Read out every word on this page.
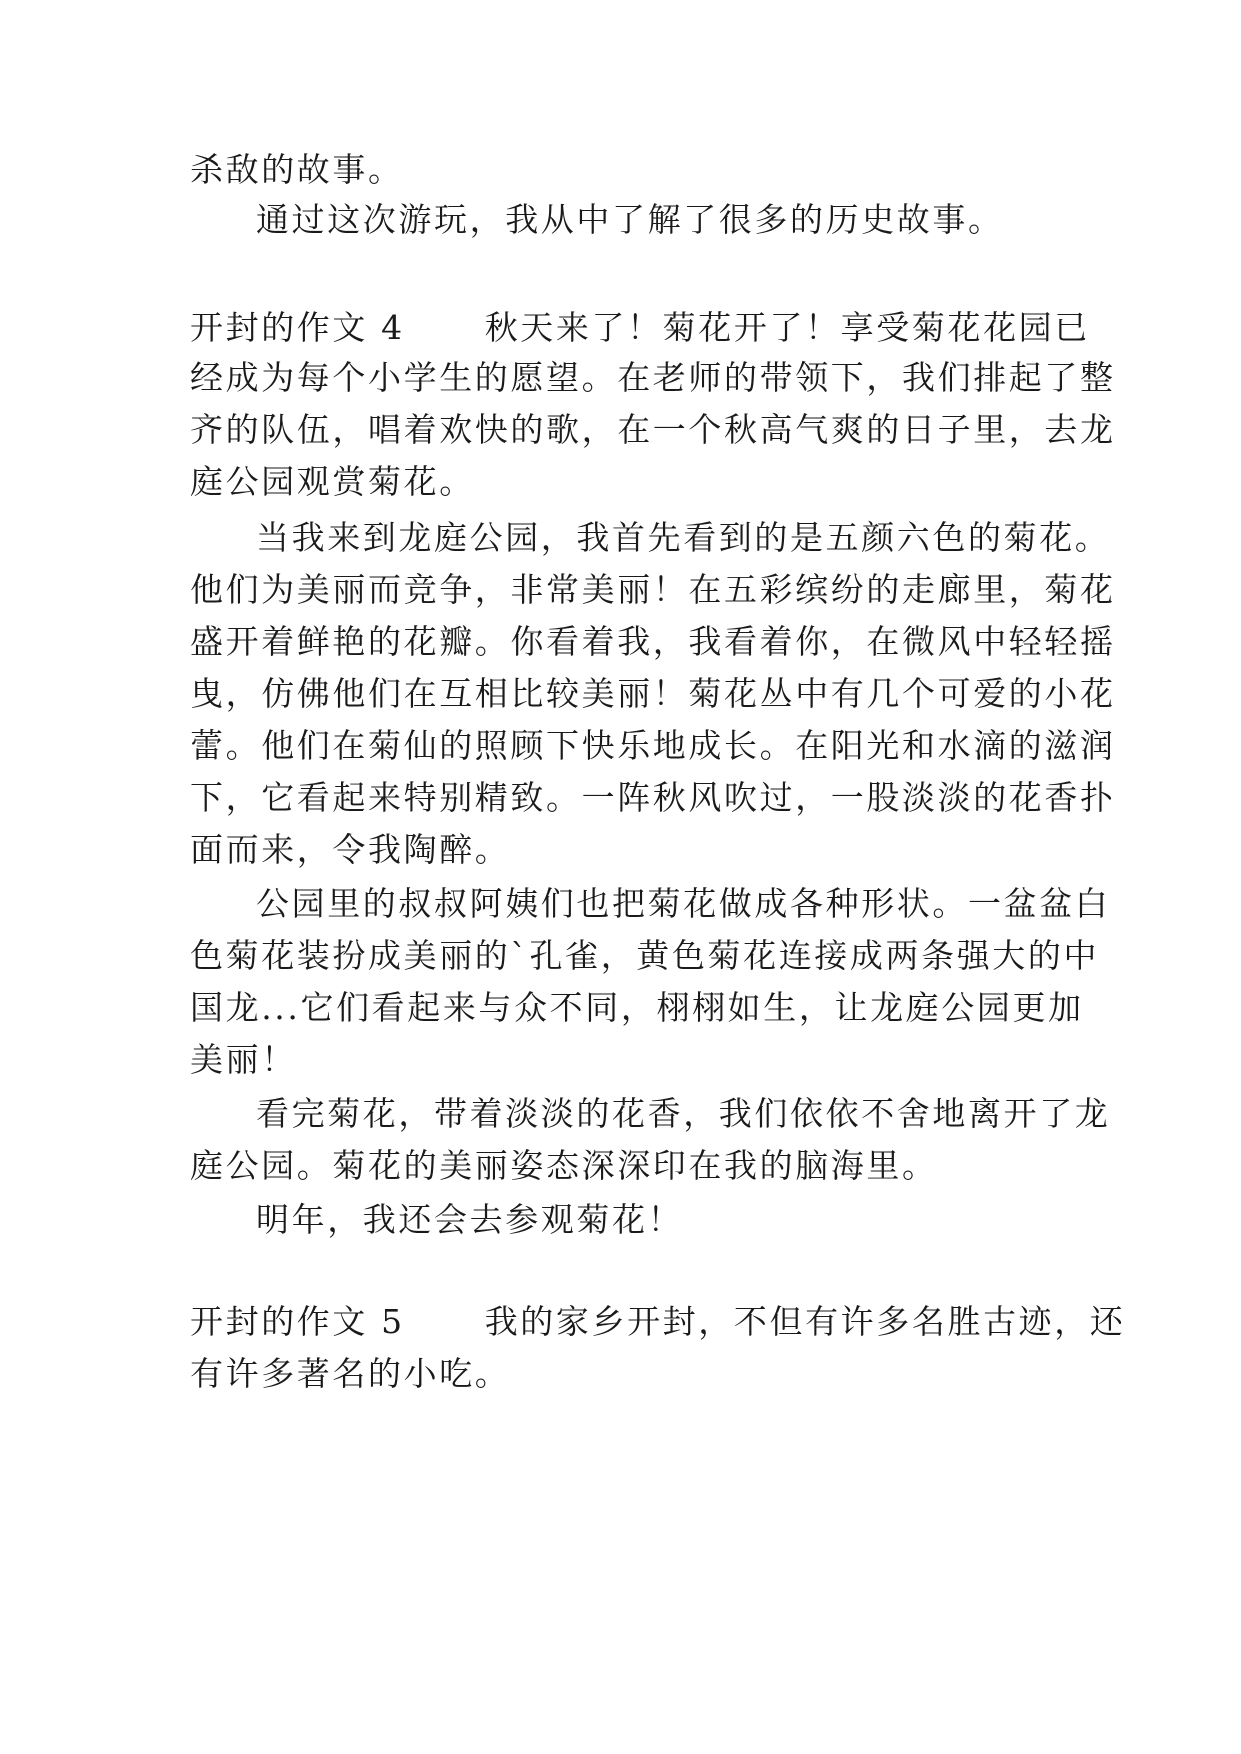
杀敌的故事。
通过这次游玩，我从中了解了很多的历史故事。
开封的作文 4 秋天来了！菊花开了！享受菊花花园已
经成为每个小学生的愿望。在老师的带领下，我们排起了整
齐的队伍，唱着欢快的歌，在一个秋高气爽的日子里，去龙
庭公园观赏菊花。
当我来到龙庭公园，我首先看到的是五颜六色的菊花。
他们为美丽而竞争，非常美丽！在五彩缤纷的走廊里，菊花
盛开着鲜艳的花瓣。你看着我，我看着你，在微风中轻轻摇
曳，仿佛他们在互相比较美丽！菊花丛中有几个可爱的小花
蕾。他们在菊仙的照顾下快乐地成长。在阳光和水滴的滋润
下，它看起来特别精致。一阵秋风吹过，一股淡淡的花香扑
面而来，令我陶醉。
公园里的叔叔阿姨们也把菊花做成各种形状。一盆盆白
色菊花装扮成美丽的`孔雀，黄色菊花连接成两条强大的中
国龙...它们看起来与众不同，栩栩如生，让龙庭公园更加
美丽！
看完菊花，带着淡淡的花香，我们依依不舍地离开了龙
庭公园。菊花的美丽姿态深深印在我的脑海里。
明年，我还会去参观菊花！
开封的作文 5 我的家乡开封，不但有许多名胜古迹，还
有许多著名的小吃。
